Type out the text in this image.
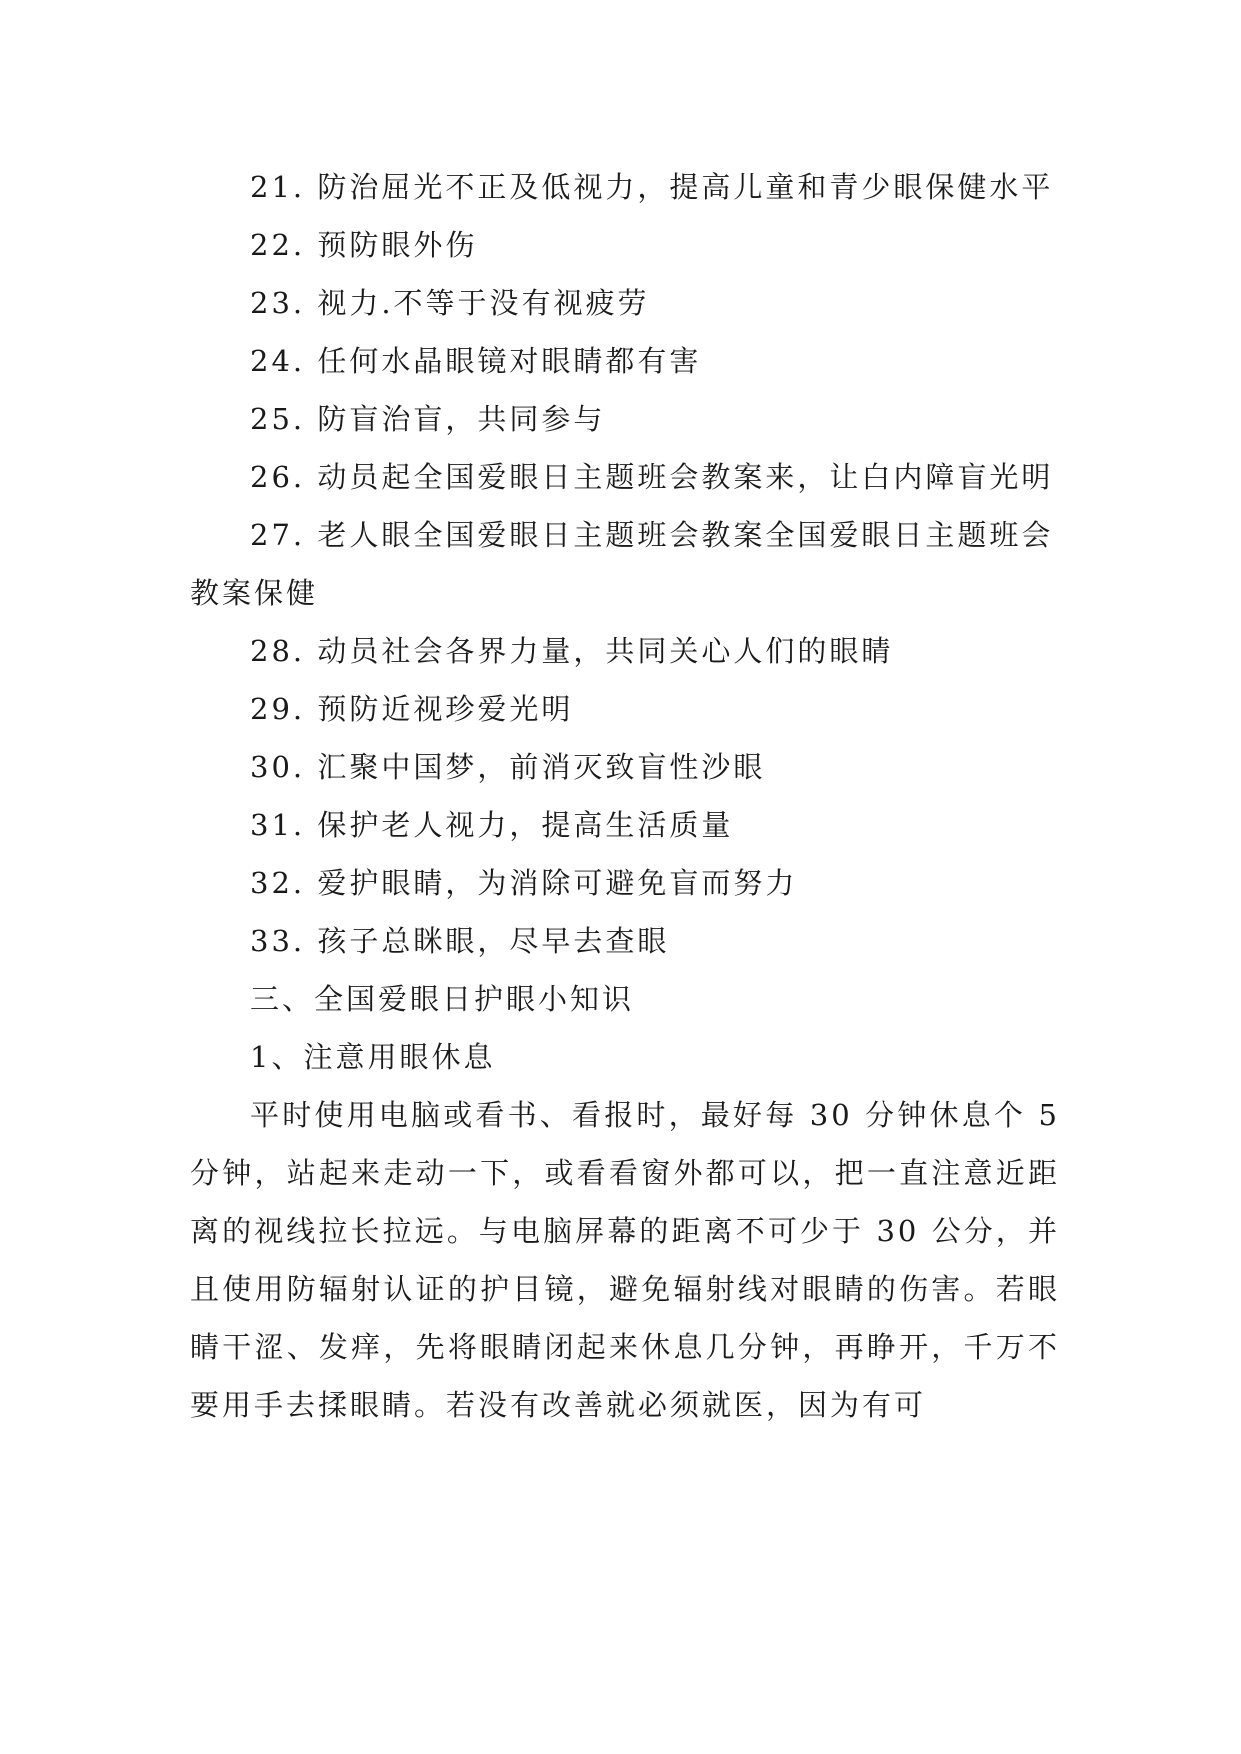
21. 防治屈光不正及低视力，提高儿童和青少眼保健水平

22. 预防眼外伤

23. 视力.不等于没有视疲劳

24. 任何水晶眼镜对眼睛都有害

25. 防盲治盲，共同参与

26. 动员起全国爱眼日主题班会教案来，让白内障盲光明

27. 老人眼全国爱眼日主题班会教案全国爱眼日主题班会教案保健

28. 动员社会各界力量，共同关心人们的眼睛

29. 预防近视珍爱光明

30. 汇聚中国梦，前消灭致盲性沙眼

31. 保护老人视力，提高生活质量

32. 爱护眼睛，为消除可避免盲而努力

33. 孩子总眯眼，尽早去查眼

三、全国爱眼日护眼小知识

1、注意用眼休息

平时使用电脑或看书、看报时，最好每 30 分钟休息个 5 分钟，站起来走动一下，或看看窗外都可以，把一直注意近距离的视线拉长拉远。与电脑屏幕的距离不可少于 30 公分，并且使用防辐射认证的护目镜，避免辐射线对眼睛的伤害。若眼睛干涩、发痒，先将眼睛闭起来休息几分钟，再睁开，千万不要用手去揉眼睛。若没有改善就必须就医，因为有可
